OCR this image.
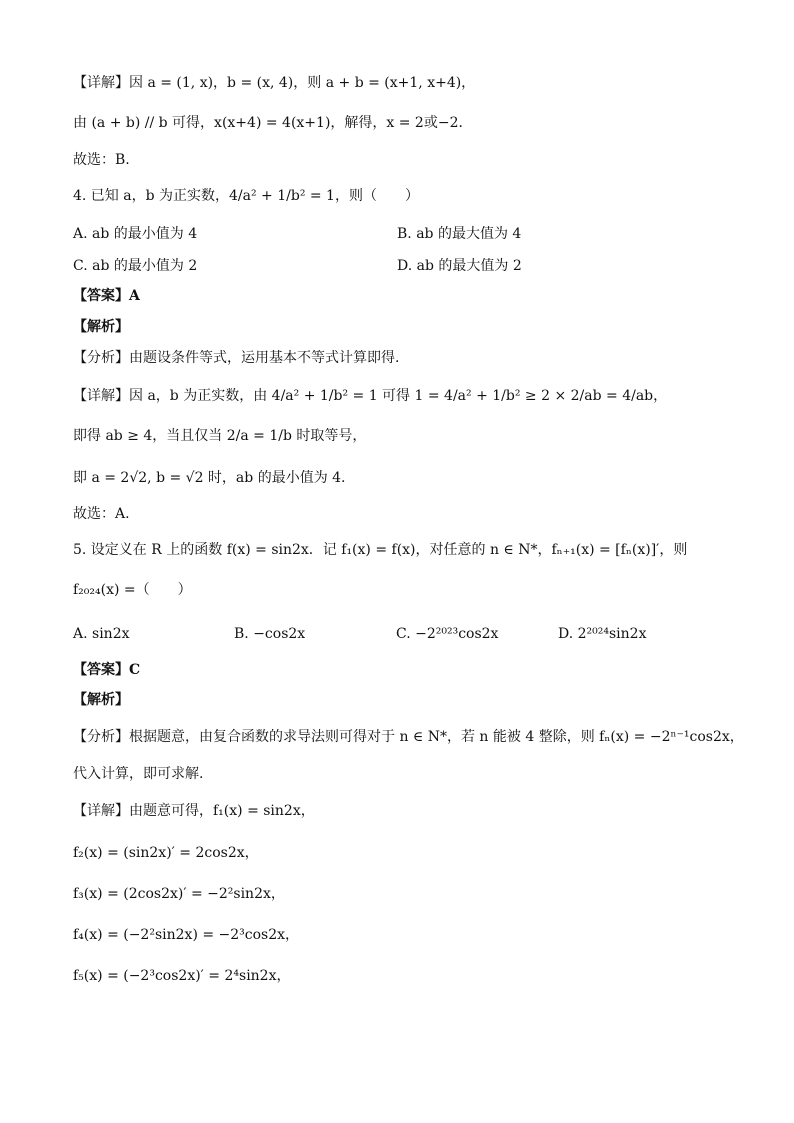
【详解】因 a = (1, x)，b = (x, 4)，则 a + b = (x+1, x+4)，
由 (a + b) // b 可得，x(x+4) = 4(x+1)，解得，x = 2或−2．
故选：B.
4. 已知 a，b 为正实数，4/a² + 1/b² = 1，则（　　）
A. ab 的最小值为 4	B. ab 的最大值为 4
C. ab 的最小值为 2	D. ab 的最大值为 2
【答案】A
【解析】
【分析】由题设条件等式，运用基本不等式计算即得.
【详解】因 a，b 为正实数，由 4/a² + 1/b² = 1 可得 1 = 4/a² + 1/b² ≥ 2 × 2/ab = 4/ab，
即得 ab ≥ 4，当且仅当 2/a = 1/b 时取等号，
即 a = 2√2, b = √2 时，ab 的最小值为 4.
故选：A.
5. 设定义在 R 上的函数 f(x) = sin2x．记 f₁(x) = f(x)，对任意的 n ∈ N*，fₙ₊₁(x) = [fₙ(x)]′，则
f₂₀₂₄(x) =（　　）
A. sin2x	B. −cos2x	C. −2²⁰²³cos2x	D. 2²⁰²⁴sin2x
【答案】C
【解析】
【分析】根据题意，由复合函数的求导法则可得对于 n ∈ N*，若 n 能被 4 整除，则 fₙ(x) = −2ⁿ⁻¹cos2x，
代入计算，即可求解.
【详解】由题意可得，f₁(x) = sin2x，
f₂(x) = (sin2x)′ = 2cos2x，
f₃(x) = (2cos2x)′ = −2²sin2x，
f₄(x) = (−2²sin2x) = −2³cos2x，
f₅(x) = (−2³cos2x)′ = 2⁴sin2x，
